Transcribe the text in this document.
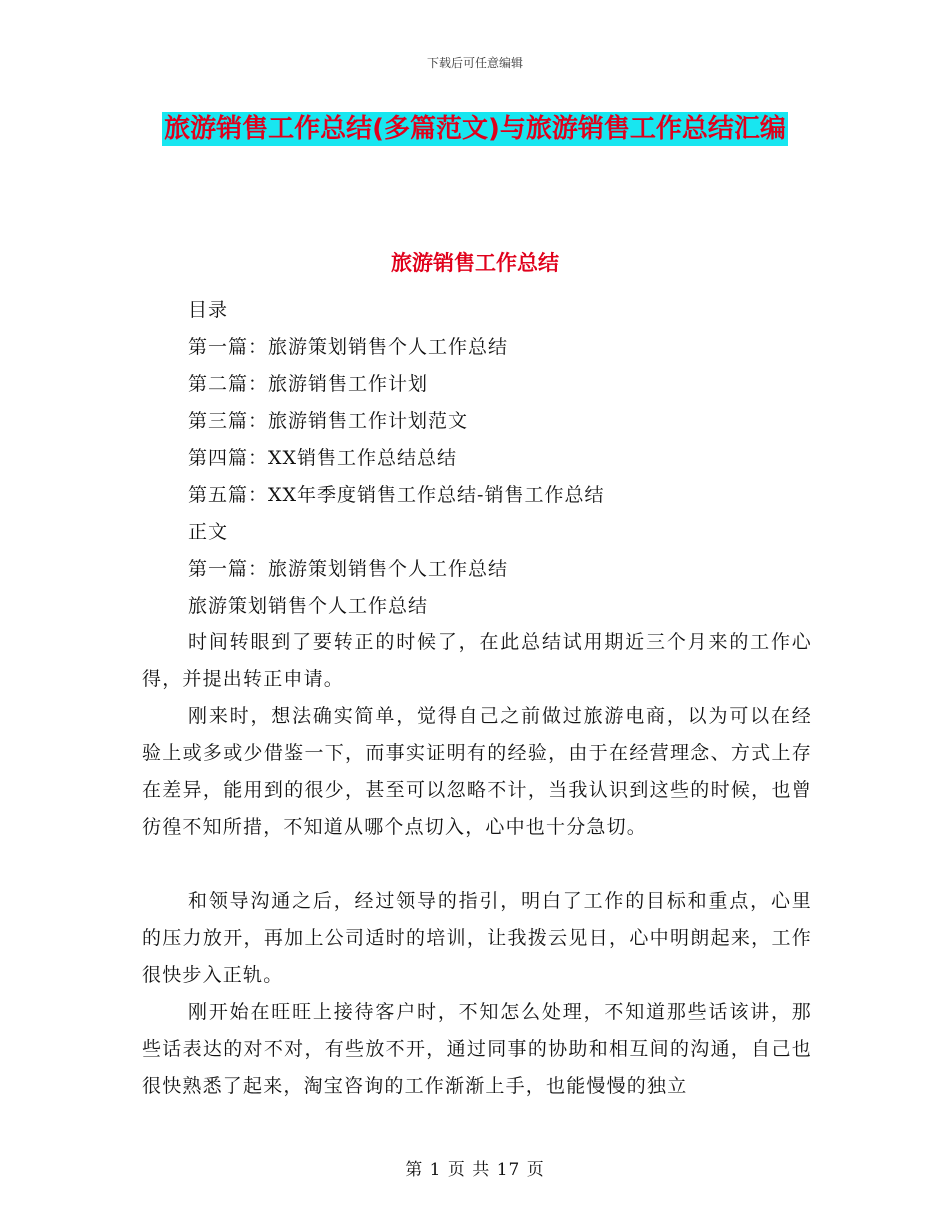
下载后可任意编辑
旅游销售工作总结(多篇范文)与旅游销售工作总结汇编
旅游销售工作总结
目录
第一篇：旅游策划销售个人工作总结
第二篇：旅游销售工作计划
第三篇：旅游销售工作计划范文
第四篇：XX销售工作总结总结
第五篇：XX年季度销售工作总结-销售工作总结
正文
第一篇：旅游策划销售个人工作总结
旅游策划销售个人工作总结

时间转眼到了要转正的时候了，在此总结试用期近三个月来的工作心得，并提出转正申请。

刚来时，想法确实简单，觉得自己之前做过旅游电商，以为可以在经验上或多或少借鉴一下，而事实证明有的经验，由于在经营理念、方式上存在差异，能用到的很少，甚至可以忽略不计，当我认识到这些的时候，也曾彷徨不知所措，不知道从哪个点切入，心中也十分急切。

和领导沟通之后，经过领导的指引，明白了工作的目标和重点，心里的压力放开，再加上公司适时的培训，让我拨云见日，心中明朗起来，工作很快步入正轨。

刚开始在旺旺上接待客户时，不知怎么处理，不知道那些话该讲，那些话表达的对不对，有些放不开，通过同事的协助和相互间的沟通，自己也很快熟悉了起来，淘宝咨询的工作渐渐上手，也能慢慢的独立

第 1 页 共 17 页
